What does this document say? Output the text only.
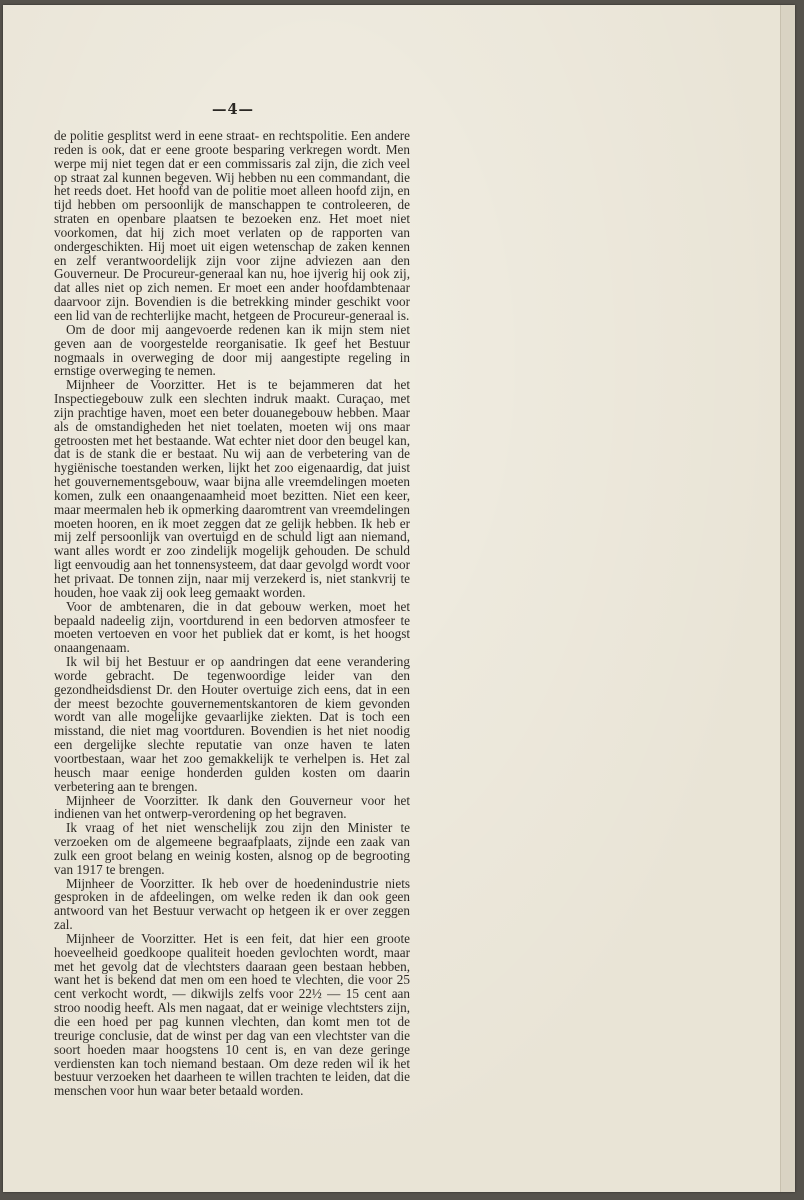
—4—

de politie gesplitst werd in eene straat- en rechtspolitie. Een andere reden is ook, dat er eene groote besparing verkregen wordt. Men werpe mij niet tegen dat er een commissaris zal zijn, die zich veel op straat zal kunnen begeven. Wij hebben nu een commandant, die het reeds doet. Het hoofd van de politie moet alleen hoofd zijn, en tijd hebben om persoonlijk de manschappen te controleeren, de straten en openbare plaatsen te bezoeken enz. Het moet niet voorkomen, dat hij zich moet verlaten op de rapporten van ondergeschikten. Hij moet uit eigen wetenschap de zaken kennen en zelf verantwoordelijk zijn voor zijne adviezen aan den Gouverneur. De Procureur-generaal kan nu, hoe ijverig hij ook zij, dat alles niet op zich nemen. Er moet een ander hoofdambtenaar daarvoor zijn. Bovendien is die betrekking minder geschikt voor een lid van de rechterlijke macht, hetgeen de Procureur-generaal is.

Om de door mij aangevoerde redenen kan ik mijn stem niet geven aan de voorgestelde reorganisatie. Ik geef het Bestuur nogmaals in overweging de door mij aangestipte regeling in ernstige overweging te nemen.

Mijnheer de Voorzitter. Het is te bejammeren dat het Inspectiegebouw zulk een slechten indruk maakt. Curaçao, met zijn prachtige haven, moet een beter douanegebouw hebben. Maar als de omstandigheden het niet toelaten, moeten wij ons maar getroosten met het bestaande. Wat echter niet door den beugel kan, dat is de stank die er bestaat. Nu wij aan de verbetering van de hygiënische toestanden werken, lijkt het zoo eigenaardig, dat juist het gouvernementsgebouw, waar bijna alle vreemdelingen moeten komen, zulk een onaangenaamheid moet bezitten. Niet een keer, maar meermalen heb ik opmerking daaromtrent van vreemdelingen moeten hooren, en ik moet zeggen dat ze gelijk hebben. Ik heb er mij zelf persoonlijk van overtuigd en de schuld ligt aan niemand, want alles wordt er zoo zindelijk mogelijk gehouden. De schuld ligt eenvoudig aan het tonnensysteem, dat daar gevolgd wordt voor het privaat. De tonnen zijn, naar mij verzekerd is, niet stankvrij te houden, hoe vaak zij ook leeg gemaakt worden.

Voor de ambtenaren, die in dat gebouw werken, moet het bepaald nadeelig zijn, voortdurend in een bedorven atmosfeer te moeten vertoeven en voor het publiek dat er komt, is het hoogst onaangenaam.

Ik wil bij het Bestuur er op aandringen dat eene verandering worde gebracht. De tegenwoordige leider van den gezondheidsdienst Dr. den Houter overtuige zich eens, dat in een der meest bezochte gouvernementskantoren de kiem gevonden wordt van alle mogelijke gevaarlijke ziekten. Dat is toch een misstand, die niet mag voortduren. Bovendien is het niet noodig een dergelijke slechte reputatie van onze haven te laten voortbestaan, waar het zoo gemakkelijk te verhelpen is. Het zal heusch maar eenige honderden gulden kosten om daarin verbetering aan te brengen.

Mijnheer de Voorzitter. Ik dank den Gouverneur voor het indienen van het ontwerp-verordening op het begraven.

Ik vraag of het niet wenschelijk zou zijn den Minister te verzoeken om de algemeene begraafplaats, zijnde een zaak van zulk een groot belang en weinig kosten, alsnog op de begrooting van 1917 te brengen.

Mijnheer de Voorzitter. Ik heb over de hoedenindustrie niets gesproken in de afdeelingen, om welke reden ik dan ook geen antwoord van het Bestuur verwacht op hetgeen ik er over zeggen zal.

Mijnheer de Voorzitter. Het is een feit, dat hier een groote hoeveelheid goedkoope qualiteit hoeden gevlochten wordt, maar met het gevolg dat de vlechtsters daaraan geen bestaan hebben, want het is bekend dat men om een hoed te vlechten, die voor 25 cent verkocht wordt, — dikwijls zelfs voor 22½ — 15 cent aan stroo noodig heeft. Als men nagaat, dat er weinige vlechtsters zijn, die een hoed per pag kunnen vlechten, dan komt men tot de treurige conclusie, dat de winst per dag van een vlechtster van die soort hoeden maar hoogstens 10 cent is, en van deze geringe verdiensten kan toch niemand bestaan. Om deze reden wil ik het bestuur verzoeken het daarheen te willen trachten te leiden, dat die menschen voor hun waar beter betaald worden.
